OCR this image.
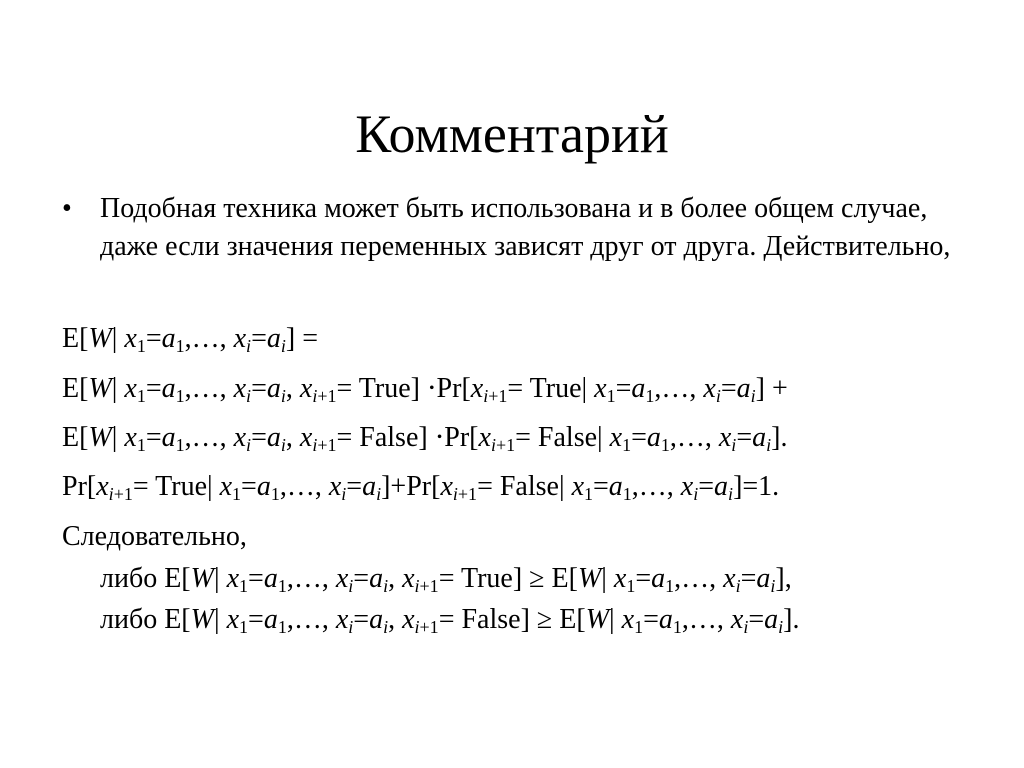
Комментарий
• Подобная техника может быть использована и в более общем случае, даже если значения переменных зависят друг от друга. Действительно,
E[W| $x_1=a_1,\dots$, $x_i=a_i$] =
E[W| $x_1=a_1,\dots$, $x_i=a_i$, $x_{i+1}=$ True] $\cdot Pr[x_{i+1}=$ True| $x_1=a_1,\dots$, $x_i=a_i$] +
E[W| $x_1=a_1,\dots$, $x_i=a_i$, $x_{i+1}=$ False] $\cdot Pr[x_{i+1}=$ False| $x_1=a_1,\dots$, $x_i=a_i$].
$Pr[x_{i+1}=$ True| $x_1=a_1,\dots$, $x_i=a_i]+Pr[x_{i+1}=$ False| $x_1=a_1,\dots$, $x_i=a_i]=1$.
Следовательно,
либо E[W| $x_1=a_1,\dots$, $x_i=a_i$, $x_{i+1}=$ True] ≥ E[W| $x_1=a_1,\dots$, $x_i=a_i$],
либо E[W| $x_1=a_1,\dots$, $x_i=a_i$, $x_{i+1}=$ False] ≥ E[W| $x_1=a_1,\dots$, $x_i=a_i$].
